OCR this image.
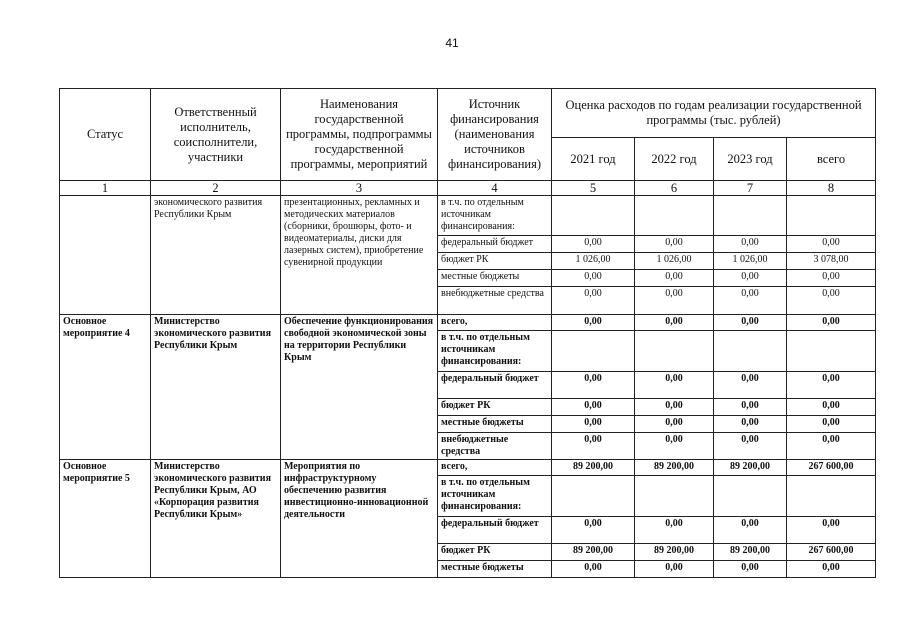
41
Статус	Ответственный исполнитель, соисполнители, участники	Наименования государственной программы, подпрограммы государственной программы, мероприятий	Источник финансирования (наименования источников финансирования)	Оценка расходов по годам реализации государственной программы (тыс. рублей)			
				2021 год	2022 год	2023 год	всего
1	2	3	4	5	6	7	8
	экономического развития Республики Крым	презентационных, рекламных и методических материалов (сборники, брошюры, фото- и видеоматериалы, диски для лазерных систем), приобретение сувенирной продукции	в т.ч. по отдельным источникам финансирования:				
			федеральный бюджет	0,00	0,00	0,00	0,00
			бюджет РК	1 026,00	1 026,00	1 026,00	3 078,00
			местные бюджеты	0,00	0,00	0,00	0,00
			внебюджетные средства	0,00	0,00	0,00	0,00
Основное мероприятие 4	Министерство экономического развития Республики Крым	Обеспечение функционирования свободной экономической зоны на территории Республики Крым	всего,	0,00	0,00	0,00	0,00
			в т.ч. по отдельным источникам финансирования:				
			федеральный бюджет	0,00	0,00	0,00	0,00
			бюджет РК	0,00	0,00	0,00	0,00
			местные бюджеты	0,00	0,00	0,00	0,00
			внебюджетные средства	0,00	0,00	0,00	0,00
Основное мероприятие 5	Министерство экономического развития Республики Крым, АО «Корпорация развития Республики Крым»	Мероприятия по инфраструктурному обеспечению развития инвестиционно-инновационной деятельности	всего,	89 200,00	89 200,00	89 200,00	267 600,00
			в т.ч. по отдельным источникам финансирования:				
			федеральный бюджет	0,00	0,00	0,00	0,00
			бюджет РК	89 200,00	89 200,00	89 200,00	267 600,00
			местные бюджеты	0,00	0,00	0,00	0,00
